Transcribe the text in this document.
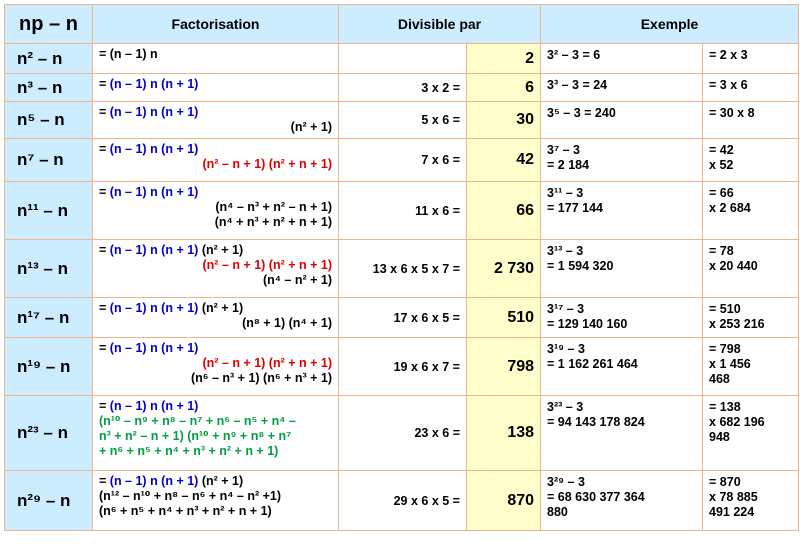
np – n	Factorisation	Divisible par		Exemple	
n² – n	= (n – 1) n		2	3² – 3 = 6	= 2 x 3

n³ – n	= (n – 1) n (n + 1)	3 x 2 =	6	3³ – 3 = 24	= 3 x 6

n⁵ – n	= (n – 1) n (n + 1)
(n² + 1)	5 x 6 =	30	3⁵ – 3 = 240	= 30 x 8

n⁷ – n	= (n – 1) n (n + 1)
(n² – n + 1) (n² + n + 1)	7 x 6 =	42	3⁷ – 3
= 2 184	= 42
x 52

n¹¹ – n	= (n – 1) n (n + 1)
(n⁴ – n³ + n² – n + 1)
(n⁴ + n³ + n² + n + 1)	11 x 6 =	66	3¹¹ – 3
= 177 144	= 66
x 2 684

n¹³ – n	= (n – 1) n (n + 1) (n² + 1)
(n² – n + 1) (n² + n + 1)
(n⁴ – n² + 1)	13 x 6 x 5 x 7 =	2 730	3¹³ – 3
= 1 594 320	= 78
x 20 440

n¹⁷ – n	= (n – 1) n (n + 1) (n² + 1)
(n⁸ + 1) (n⁴ + 1)	17 x 6 x 5 =	510	3¹⁷ – 3
= 129 140 160	= 510
x 253 216

n¹⁹ – n	= (n – 1) n (n + 1)
(n² – n + 1) (n² + n + 1)
(n⁶ – n³ + 1) (n⁶ + n³ + 1)	19 x 6 x 7 =	798	3¹⁹ – 3
= 1 162 261 464	= 798
x 1 456
468

n²³ – n	= (n – 1) n (n + 1)
(n¹⁰ – n⁹ + n⁸ – n⁷ + n⁶ – n⁵ + n⁴ –
n³ + n² – n + 1) (n¹⁰ + n⁹ + n⁸ + n⁷
+ n⁶ + n⁵ + n⁴ + n³ + n² + n + 1)	23 x 6 =	138	3²³ – 3
= 94 143 178 824	= 138
x 682 196
948

n²⁹ – n	= (n – 1) n (n + 1) (n² + 1)
(n¹² – n¹⁰ + n⁸ – n⁶ + n⁴ – n² +1)
(n⁶ + n⁵ + n⁴ + n³ + n² + n + 1)	29 x 6 x 5 =	870	3²⁹ – 3
= 68 630 377 364
880	= 870
x 78 885
491 224
